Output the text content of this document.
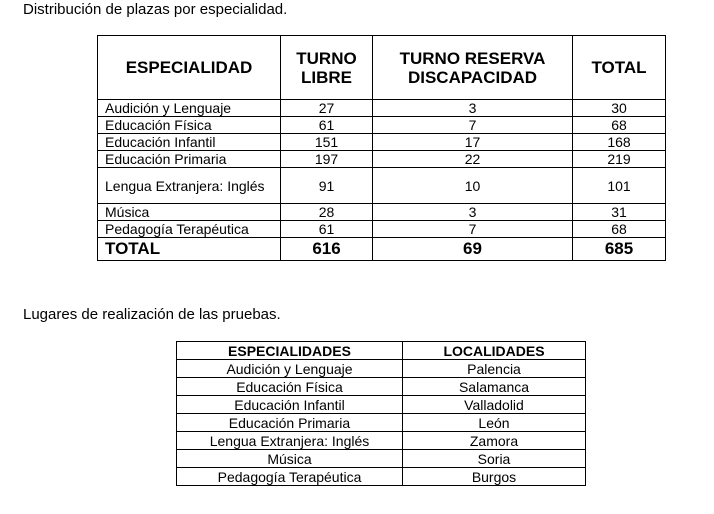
Distribución de plazas por especialidad.
ESPECIALIDAD	TURNO LIBRE	TURNO RESERVA DISCAPACIDAD	TOTAL
Audición y Lenguaje	27	3	30
Educación Física	61	7	68
Educación Infantil	151	17	168
Educación Primaria	197	22	219
Lengua Extranjera: Inglés	91	10	101
Música	28	3	31
Pedagogía Terapéutica	61	7	68
TOTAL	616	69	685
Lugares de realización de las pruebas.
ESPECIALIDADES	LOCALIDADES
Audición y Lenguaje	Palencia
Educación Física	Salamanca
Educación Infantil	Valladolid
Educación Primaria	León
Lengua Extranjera: Inglés	Zamora
Música	Soria
Pedagogía Terapéutica	Burgos
